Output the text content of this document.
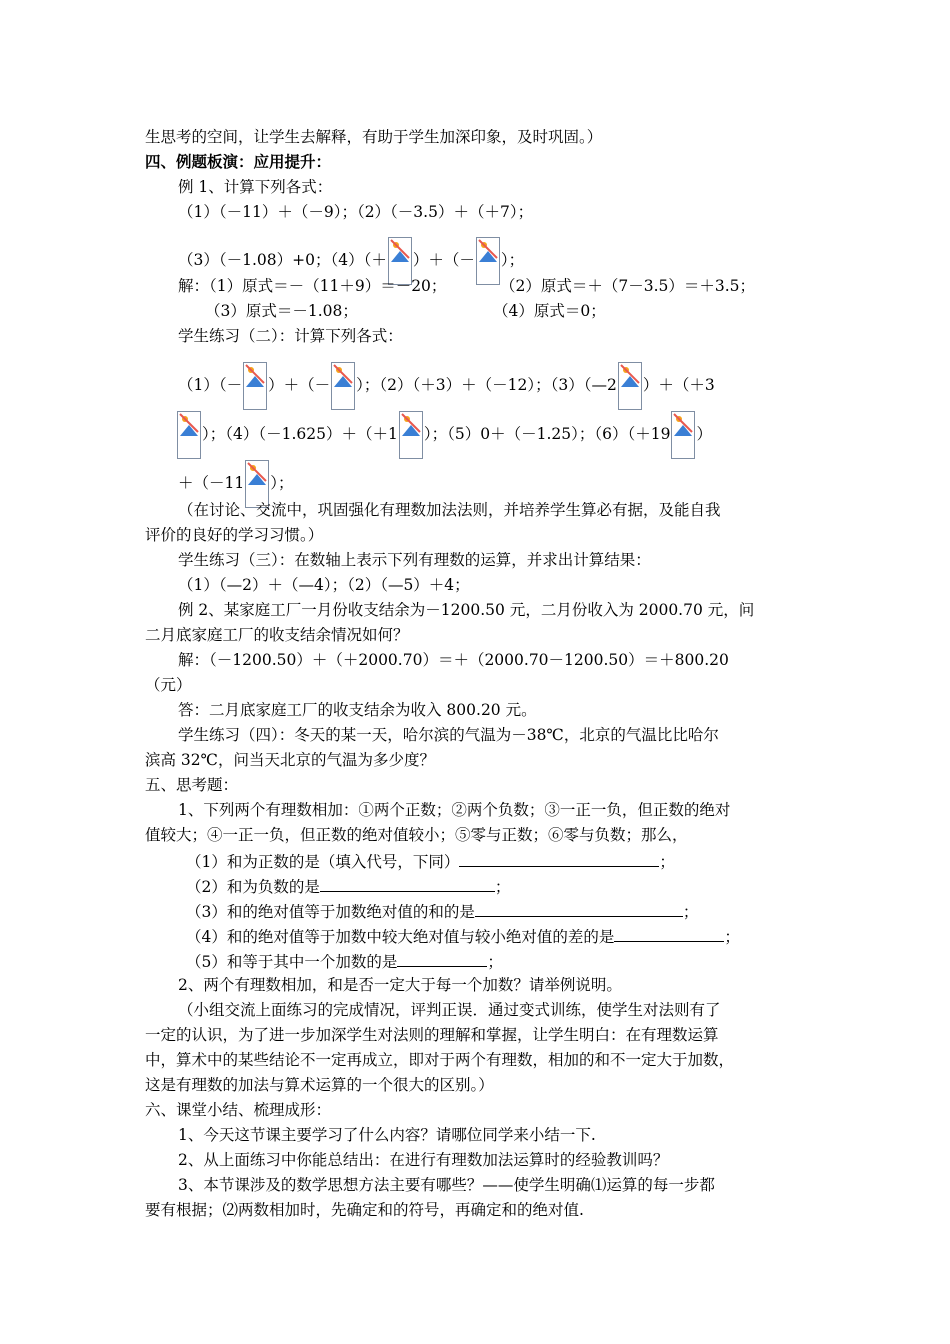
生思考的空间，让学生去解释，有助于学生加深印象，及时巩固。）
四、例题板演：应用提升：
例 1、计算下列各式：
（1）（－11）＋（－9）；（2）（－3.5）＋（＋7）；
（3）（－1.08）+0；（4）（＋ ）＋（－ ）；
解：（1）原式＝－（11＋9）＝－20；	（2）原式＝＋（7－3.5）＝＋3.5；
（3）原式＝－1.08；	（4）原式＝0；
学生练习（二）：计算下列各式：
（1）（－ ）＋（－ ）；（2）（＋3）＋（－12）；（3）（—2 ）＋（＋3
）；（4）（－1.625）＋（＋1 ）；（5）0＋（－1.25）；（6）（＋19 ）
＋（－11 ）；
（在讨论、交流中，巩固强化有理数加法法则，并培养学生算必有据，及能自我
评价的良好的学习习惯。）
学生练习（三）：在数轴上表示下列有理数的运算，并求出计算结果：
（1）（—2）＋（—4）；（2）（—5）＋4；
例 2、某家庭工厂一月份收支结余为－1200.50 元，二月份收入为 2000.70 元，问
二月底家庭工厂的收支结余情况如何？
解：（－1200.50）＋（＋2000.70）＝＋（2000.70－1200.50）＝＋800.20
（元）
答：二月底家庭工厂的收支结余为收入 800.20 元。
学生练习（四）：冬天的某一天，哈尔滨的气温为－38℃，北京的气温比比哈尔
滨高 32℃，问当天北京的气温为多少度？
五、思考题：
1、下列两个有理数相加：①两个正数；②两个负数；③一正一负，但正数的绝对
值较大；④一正一负，但正数的绝对值较小；⑤零与正数；⑥零与负数；那么，
（1）和为正数的是（填入代号，下同）	；
（2）和为负数的是	；
（3）和的绝对值等于加数绝对值的和的是	；
（4）和的绝对值等于加数中较大绝对值与较小绝对值的差的是	；
（5）和等于其中一个加数的是	；
2、两个有理数相加，和是否一定大于每一个加数？请举例说明。
（小组交流上面练习的完成情况，评判正误．通过变式训练，使学生对法则有了
一定的认识，为了进一步加深学生对法则的理解和掌握，让学生明白：在有理数运算
中，算术中的某些结论不一定再成立，即对于两个有理数，相加的和不一定大于加数，
这是有理数的加法与算术运算的一个很大的区别。）
六、课堂小结、梳理成形：
1、今天这节课主要学习了什么内容？请哪位同学来小结一下.
2、从上面练习中你能总结出：在进行有理数加法运算时的经验教训吗？
3、本节课涉及的数学思想方法主要有哪些？——使学生明确⑴运算的每一步都
要有根据；⑵两数相加时，先确定和的符号，再确定和的绝对值.
